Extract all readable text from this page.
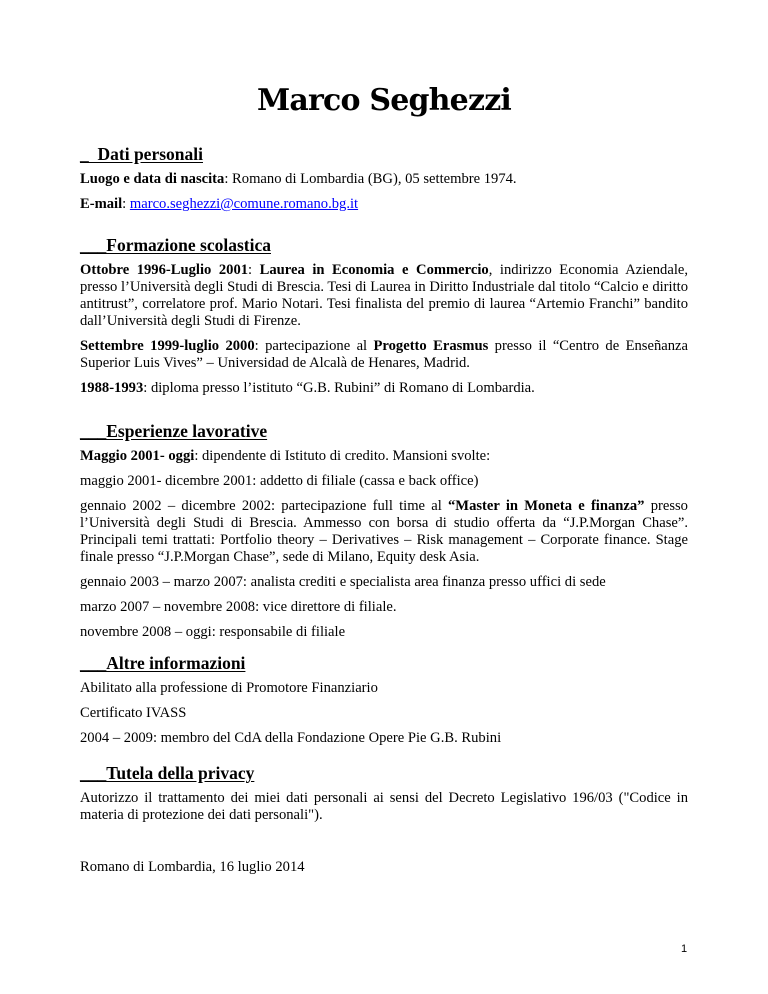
Marco Seghezzi
_  Dati personali

Luogo e data di nascita: Romano di Lombardia (BG), 05 settembre 1974.

E-mail: marco.seghezzi@comune.romano.bg.it

___Formazione scolastica

Ottobre 1996-Luglio 2001: Laurea in Economia e Commercio, indirizzo Economia Aziendale, presso l’Università degli Studi di Brescia. Tesi di Laurea in Diritto Industriale dal titolo “Calcio e diritto antitrust”, correlatore prof. Mario Notari. Tesi finalista del premio di laurea “Artemio Franchi” bandito dall’Università degli Studi di Firenze.

Settembre 1999-luglio 2000: partecipazione al Progetto Erasmus presso il “Centro de Enseñanza Superior Luis Vives” – Universidad de Alcalà de Henares, Madrid.

1988-1993: diploma presso l’istituto “G.B. Rubini” di Romano di Lombardia.

___Esperienze lavorative

Maggio 2001- oggi: dipendente di Istituto di credito. Mansioni svolte:

maggio 2001- dicembre 2001: addetto di filiale (cassa e back office)

gennaio 2002 – dicembre 2002: partecipazione full time al “Master in Moneta e finanza” presso l’Università degli Studi di Brescia. Ammesso con borsa di studio offerta da “J.P.Morgan Chase”. Principali temi trattati: Portfolio theory – Derivatives – Risk management – Corporate finance. Stage finale presso “J.P.Morgan Chase”, sede di Milano, Equity desk Asia.

gennaio 2003 – marzo 2007: analista crediti e specialista area finanza presso uffici di sede

marzo 2007 – novembre 2008: vice direttore di filiale.

novembre 2008 – oggi: responsabile di filiale

___Altre informazioni

Abilitato alla professione di Promotore Finanziario

Certificato IVASS

2004 – 2009: membro del CdA della Fondazione Opere Pie G.B. Rubini

___Tutela della privacy

Autorizzo il trattamento dei miei dati personali ai sensi del Decreto Legislativo 196/03 ("Codice in materia di protezione dei dati personali").

Romano di Lombardia, 16 luglio 2014

1
